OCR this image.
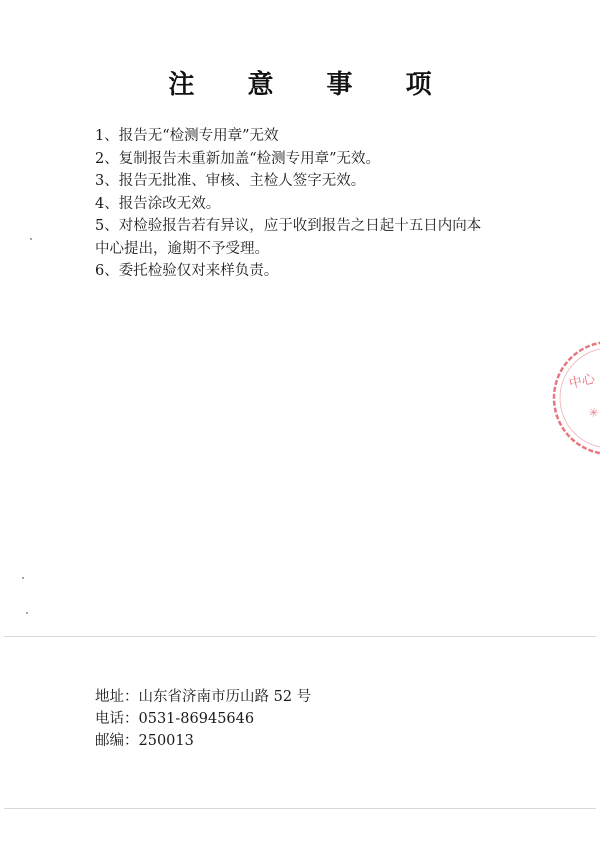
注 意 事 项
1、报告无“检测专用章”无效
2、复制报告未重新加盖“检测专用章”无效。
3、报告无批准、审核、主检人签字无效。
4、报告涂改无效。
5、对检验报告若有异议，应于收到报告之日起十五日内向本
中心提出，逾期不予受理。
6、委托检验仅对来样负责。
中心
✳
地址：山东省济南市历山路 52 号
电话：0531-86945646
邮编：250013
